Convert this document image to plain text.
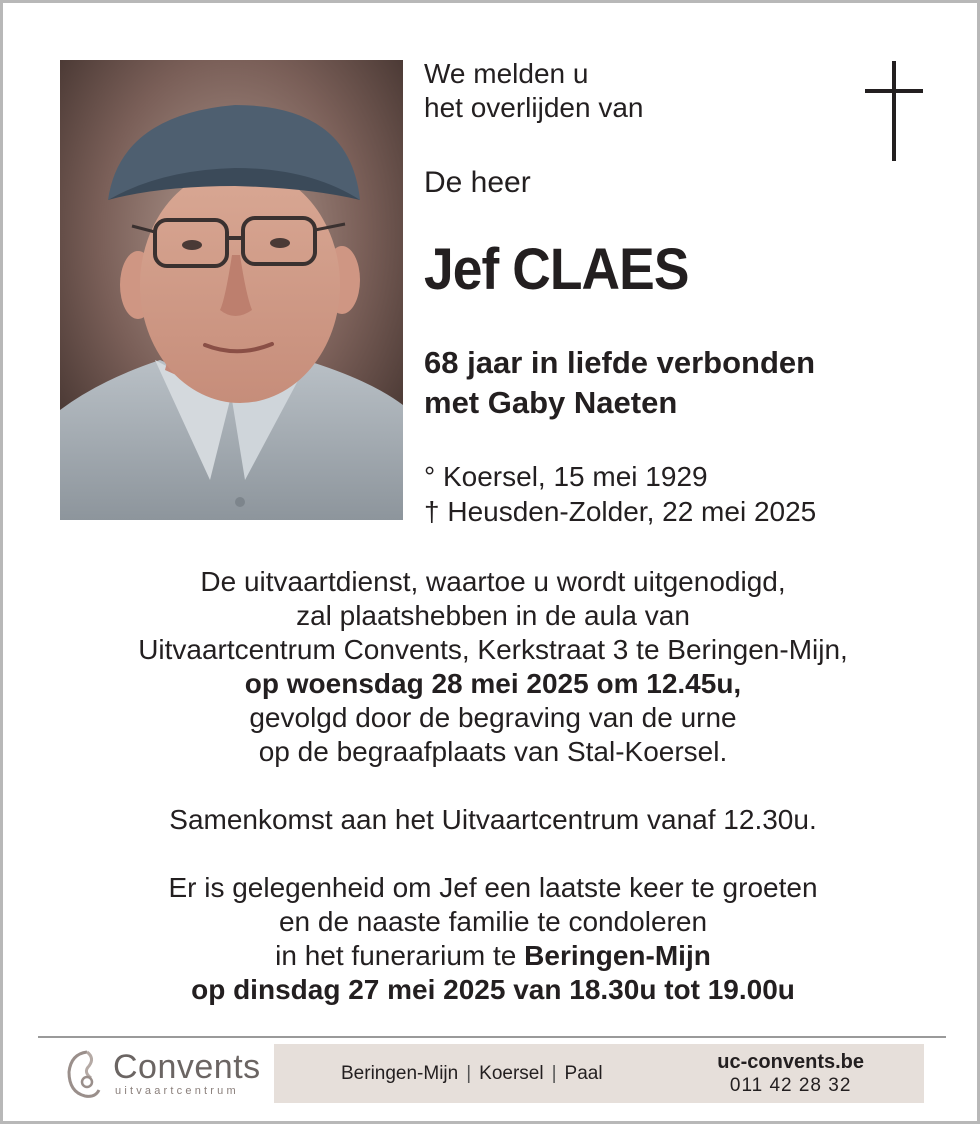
We melden u
het overlijden van
De heer
Jef CLAES
68 jaar in liefde verbonden
met Gaby Naeten
° Koersel, 15 mei 1929
† Heusden-Zolder, 22 mei 2025
De uitvaartdienst, waartoe u wordt uitgenodigd,
zal plaatshebben in de aula van
Uitvaartcentrum Convents, Kerkstraat 3 te Beringen-Mijn,
op woensdag 28 mei 2025 om 12.45u,
gevolgd door de begraving van de urne
op de begraafplaats van Stal-Koersel.
Samenkomst aan het Uitvaartcentrum vanaf 12.30u.
Er is gelegenheid om Jef een laatste keer te groeten
en de naaste familie te condoleren
in het funerarium te Beringen-Mijn
op dinsdag 27 mei 2025 van 18.30u tot 19.00u
Conven⁠ts
uitvaartcentrum
Beringen-Mijn | Koersel | Paal
uc-convents.be
011 42 28 32
